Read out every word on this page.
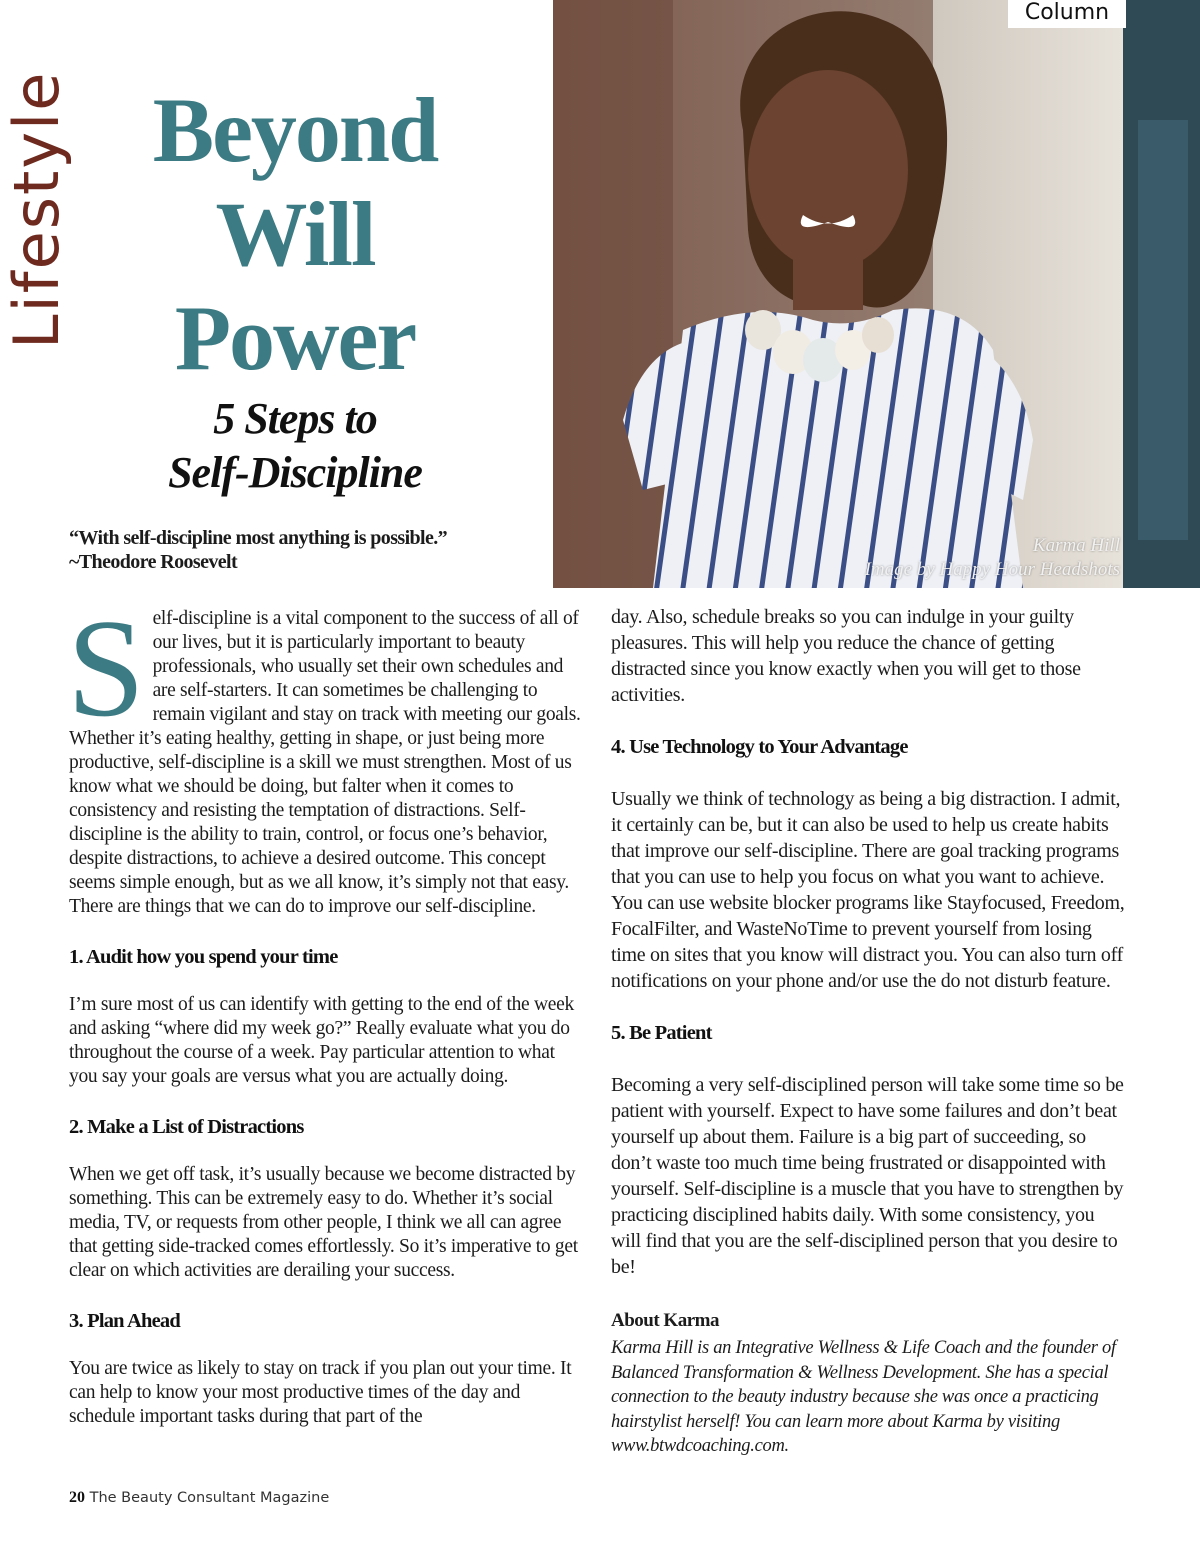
Lifestyle Beyond
Will
Power
5 Steps to
Self-Discipline
Karma Hill
Image by Happy Hour Headshots
Column
“With self-discipline most anything is possible.”
~Theodore Roosevelt

Self-discipline is a vital component to the success of all of our lives, but it is particularly important to beauty professionals, who usually set their own schedules and are self-starters. It can sometimes be challenging to remain vigilant and stay on track with meeting our goals. Whether it’s eating healthy, getting in shape, or just being more productive, self-discipline is a skill we must strengthen. Most of us know what we should be doing, but falter when it comes to consistency and resisting the temptation of distractions. Self-discipline is the ability to train, control, or focus one’s behavior, despite distractions, to achieve a desired outcome. This concept seems simple enough, but as we all know, it’s simply not that easy. There are things that we can do to improve our self-discipline.

1. Audit how you spend your time

I’m sure most of us can identify with getting to the end of the week and asking “where did my week go?” Really evaluate what you do throughout the course of a week. Pay particular attention to what you say your goals are versus what you are actually doing.

2. Make a List of Distractions

When we get off task, it’s usually because we become distracted by something. This can be extremely easy to do. Whether it’s social media, TV, or requests from other people, I think we all can agree that getting side-tracked comes effortlessly. So it’s imperative to get clear on which activities are derailing your success.

3. Plan Ahead

You are twice as likely to stay on track if you plan out your time. It can help to know your most productive times of the day and schedule important tasks during that part of the

day. Also, schedule breaks so you can indulge in your guilty pleasures. This will help you reduce the chance of getting distracted since you know exactly when you will get to those activities.

4. Use Technology to Your Advantage

Usually we think of technology as being a big distraction. I admit, it certainly can be, but it can also be used to help us create habits that improve our self-discipline. There are goal tracking programs that you can use to help you focus on what you want to achieve. You can use website blocker programs like Stayfocused, Freedom, FocalFilter, and WasteNoTime to prevent yourself from losing time on sites that you know will distract you. You can also turn off notifications on your phone and/or use the do not disturb feature.

5. Be Patient

Becoming a very self-disciplined person will take some time so be patient with yourself. Expect to have some failures and don’t beat yourself up about them. Failure is a big part of succeeding, so don’t waste too much time being frustrated or disappointed with yourself. Self-discipline is a muscle that you have to strengthen by practicing disciplined habits daily. With some consistency, you will find that you are the self-disciplined person that you desire to be!

About Karma
Karma Hill is an Integrative Wellness & Life Coach and the founder of Balanced Transformation & Wellness Development. She has a special connection to the beauty industry because she was once a practicing hairstylist herself! You can learn more about Karma by visiting www.btwdcoaching.com.
20 The Beauty Consultant Magazine
